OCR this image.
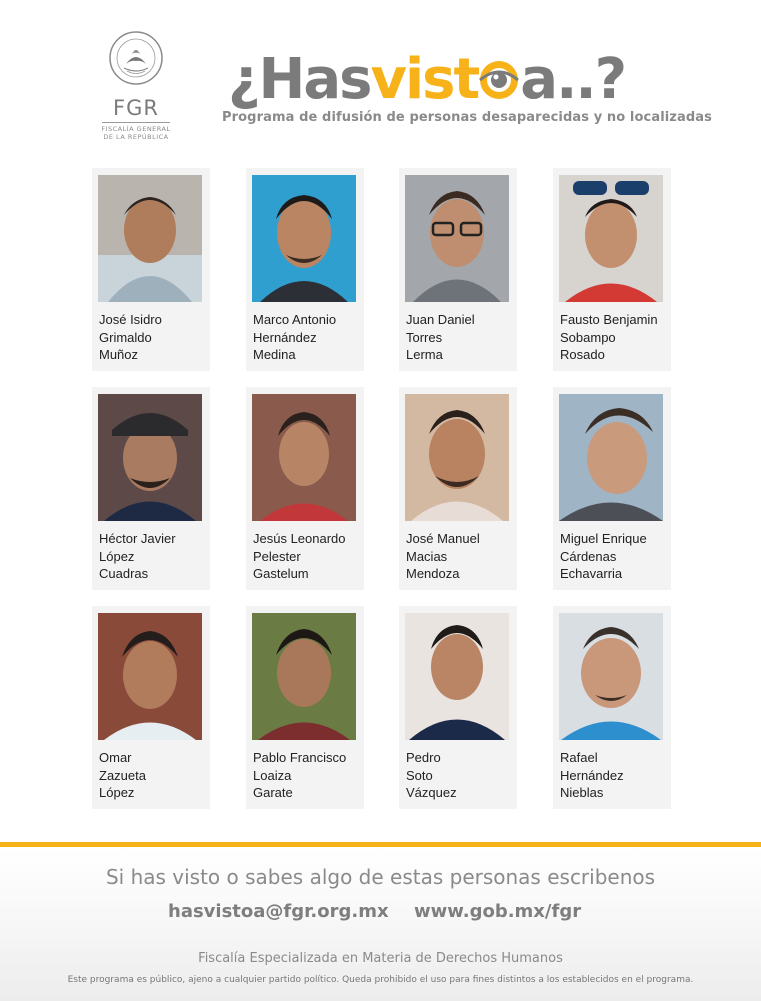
FGR
FISCALÍA GENERAL
DE LA REPÚBLICA
¿Hasvist a..?
Programa de difusión de personas desaparecidas y no localizadas
José Isidro
Grimaldo
Muñoz
Marco Antonio
Hernández
Medina
Juan Daniel
Torres
Lerma
Fausto Benjamin
Sobampo
Rosado
Héctor Javier
López
Cuadras
Jesús Leonardo
Pelester
Gastelum
José Manuel
Macias
Mendoza
Miguel Enrique
Cárdenas
Echavarria
Omar
Zazueta
López
Pablo Francisco
Loaiza
Garate
Pedro
Soto
Vázquez
Rafael
Hernández
Nieblas
Si has visto o sabes algo de estas personas escribenos
hasvistoa@fgr.org.mx www.gob.mx/fgr
Fiscalía Especializada en Materia de Derechos Humanos
Este programa es público, ajeno a cualquier partido político. Queda prohibido el uso para fines distintos a los establecidos en el programa.
